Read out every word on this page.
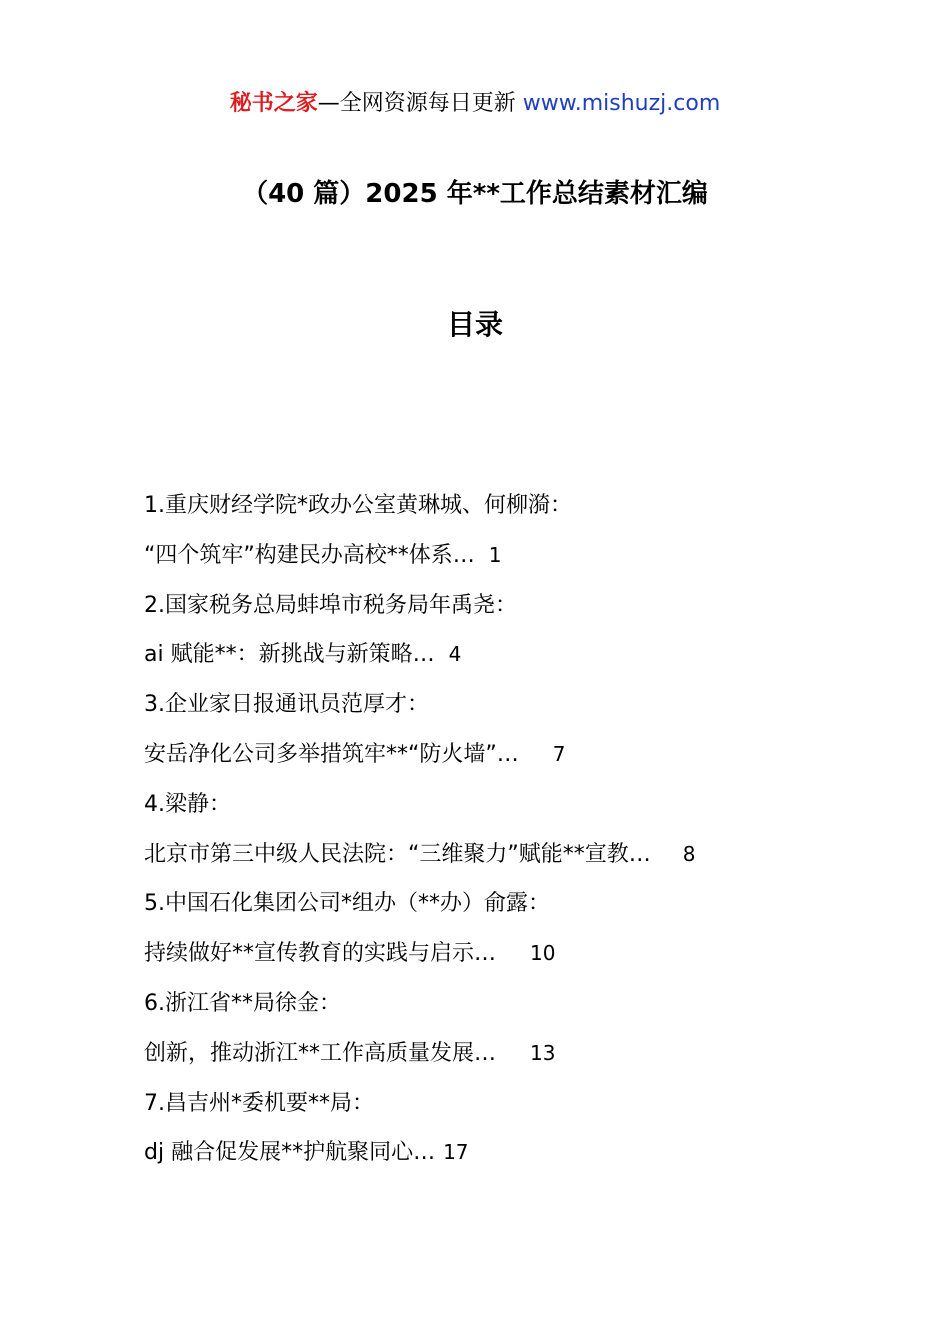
秘书之家—全网资源每日更新 www.mishuzj.com
（40 篇）2025 年**工作总结素材汇编
目录
1.重庆财经学院*政办公室黄琳城、何柳漪：
“四个筑牢”构建民办高校**体系… 1
2.国家税务总局蚌埠市税务局年禹尧：
ai 赋能**：新挑战与新策略… 4
3.企业家日报通讯员范厚才：
安岳净化公司多举措筑牢**“防火墙”… 7
4.梁静：
北京市第三中级人民法院：“三维聚力”赋能**宣教… 8
5.中国石化集团公司*组办（**办）俞露：
持续做好**宣传教育的实践与启示… 10
6.浙江省**局徐金：
创新，推动浙江**工作高质量发展… 13
7.昌吉州*委机要**局：
dj 融合促发展**护航聚同心… 17
